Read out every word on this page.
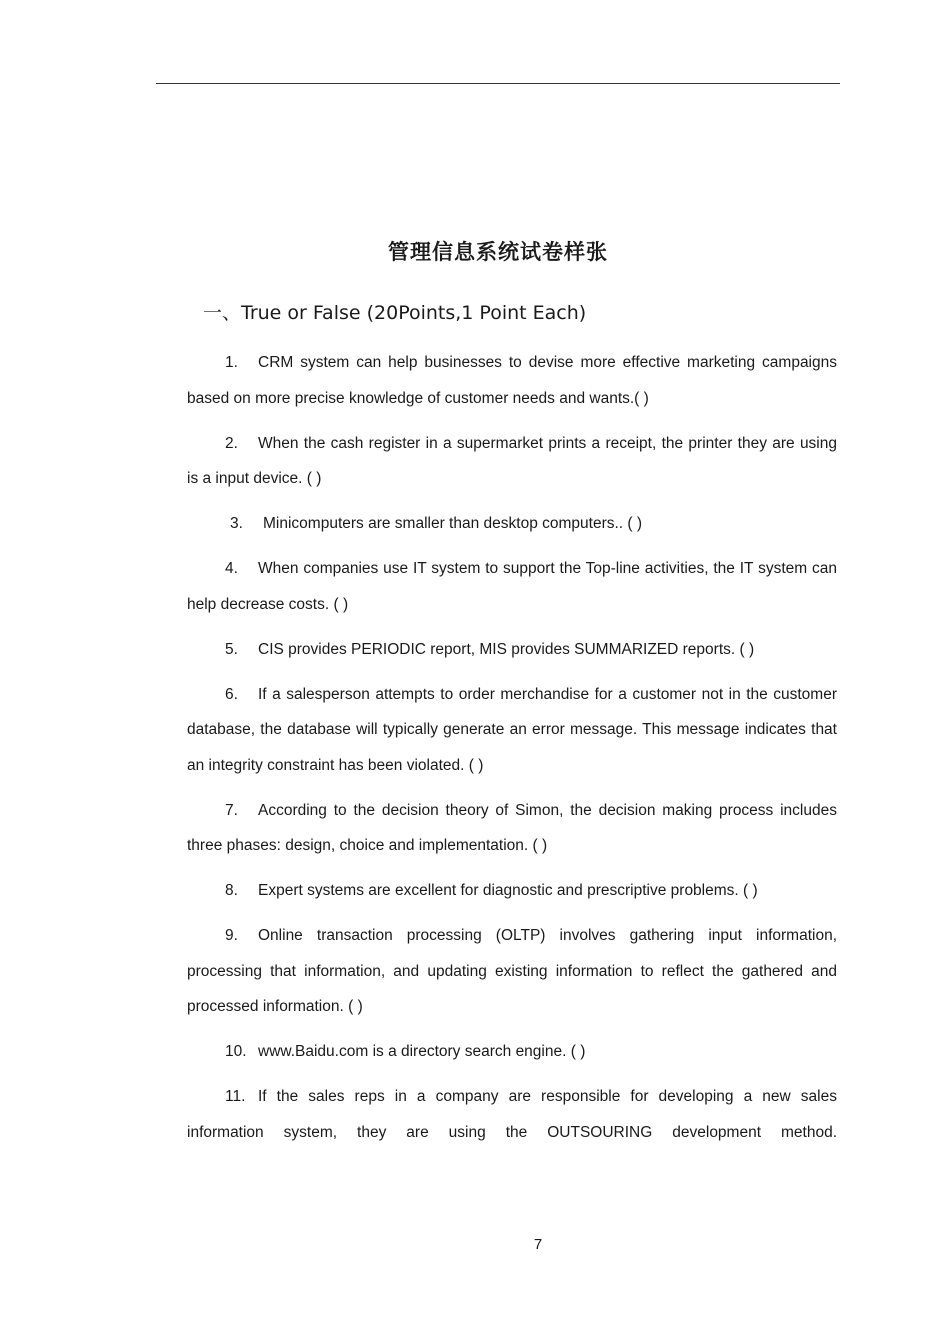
管理信息系统试卷样张
一、True or False (20Points,1 Point Each)

1. CRM system can help businesses to devise more effective marketing campaigns based on more precise knowledge of customer needs and wants.( )

2. When the cash register in a supermarket prints a receipt, the printer they are using is a input device. ( )

3. Minicomputers are smaller than desktop computers.. ( )

4. When companies use IT system to support the Top-line activities, the IT system can help decrease costs. ( )

5. CIS provides PERIODIC report, MIS provides SUMMARIZED reports. ( )

6. If a salesperson attempts to order merchandise for a customer not in the customer database, the database will typically generate an error message. This message indicates that an integrity constraint has been violated. ( )

7. According to the decision theory of Simon, the decision making process includes three phases: design, choice and implementation. ( )

8. Expert systems are excellent for diagnostic and prescriptive problems. ( )

9. Online transaction processing (OLTP) involves gathering input information, processing that information, and updating existing information to reflect the gathered and processed information. ( )

10. www.Baidu.com is a directory search engine. ( )

11. If the sales reps in a company are responsible for developing a new sales information system, they are using the OUTSOURING development method.

7
